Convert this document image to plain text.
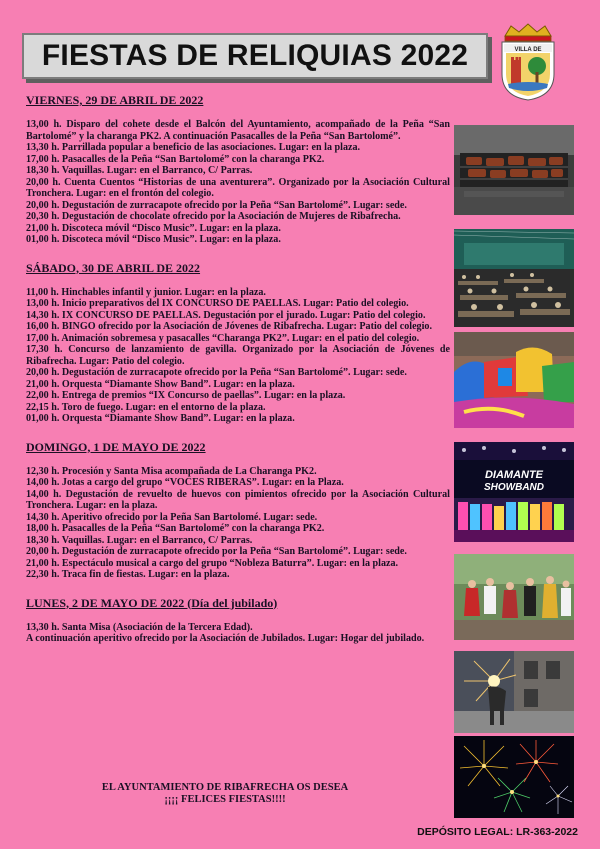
FIESTAS DE RELIQUIAS 2022	VILLA DE
VIERNES, 29 DE ABRIL DE 2022
13,00 h. Disparo del cohete desde el Balcón del Ayuntamiento, acompañado de la Peña “San Bartolomé” y la charanga PK2. A continuación Pasacalles de la Peña “San Bartolomé”.
13,30 h. Parrillada popular a beneficio de las asociaciones. Lugar: en la plaza.
17,00 h. Pasacalles de la Peña “San Bartolomé” con la charanga PK2.
18,30 h. Vaquillas. Lugar: en el Barranco, C/ Parras.
20,00 h. Cuenta Cuentos “Historias de una aventurera”. Organizado por la Asociación Cultural Tronchera. Lugar: en el frontón del colegio.
20,00 h. Degustación de zurracapote ofrecido por la Peña “San Bartolomé”. Lugar: sede.
20,30 h. Degustación de chocolate ofrecido por la Asociación de Mujeres de Ribafrecha.
21,00 h. Discoteca móvil “Disco Music”. Lugar: en la plaza.
01,00 h. Discoteca móvil “Disco Music”. Lugar: en la plaza.
SÁBADO, 30 DE ABRIL DE 2022
11,00 h. Hinchables infantil y junior. Lugar: en la plaza.
13,00 h. Inicio preparativos del IX CONCURSO DE PAELLAS. Lugar: Patio del colegio.
14,30 h. IX CONCURSO DE PAELLAS. Degustación por el jurado. Lugar: Patio del colegio.
16,00 h. BINGO ofrecido por la Asociación de Jóvenes de Ribafrecha. Lugar: Patio del colegio.
17,00 h. Animación sobremesa y pasacalles “Charanga PK2”. Lugar: en el patio del colegio.
17,30 h. Concurso de lanzamiento de gavilla. Organizado por la Asociación de Jóvenes de Ribafrecha. Lugar: Patio del colegio.
20,00 h. Degustación de zurracapote ofrecido por la Peña “San Bartolomé”. Lugar: sede.
21,00 h. Orquesta “Diamante Show Band”. Lugar: en la plaza.
22,00 h. Entrega de premios “IX Concurso de paellas”. Lugar: en la plaza.
22,15 h. Toro de fuego. Lugar: en el entorno de la plaza.
01,00 h. Orquesta “Diamante Show Band”. Lugar: en la plaza.
DOMINGO, 1 DE MAYO DE 2022
12,30 h. Procesión y Santa Misa acompañada de La Charanga PK2.
14,00 h. Jotas a cargo del grupo “VOCES RIBERAS”. Lugar: en la Plaza.
14,00 h. Degustación de revuelto de huevos con pimientos ofrecido por la Asociación Cultural Tronchera. Lugar: en la plaza.
14,30 h. Aperitivo ofrecido por la Peña San Bartolomé. Lugar: sede.
18,00 h. Pasacalles de la Peña “San Bartolomé” con la charanga PK2.
18,30 h. Vaquillas. Lugar: en el Barranco, C/ Parras.
20,00 h. Degustación de zurracapote ofrecido por la Peña “San Bartolomé”. Lugar: sede.
21,00 h. Espectáculo musical a cargo del grupo “Nobleza Baturra”. Lugar: en la plaza.
22,30 h. Traca fin de fiestas. Lugar: en la plaza.
LUNES, 2 DE MAYO DE 2022 (Día del jubilado)
13,30 h. Santa Misa (Asociación de la Tercera Edad).
A continuación aperitivo ofrecido por la Asociación de Jubilados. Lugar: Hogar del jubilado.
EL AYUNTAMIENTO DE RIBAFRECHA OS DESEA
¡¡¡¡ FELICES FIESTAS!!!!
DEPÓSITO LEGAL: LR-363-2022
DIAMANTE
SHOWBAND
